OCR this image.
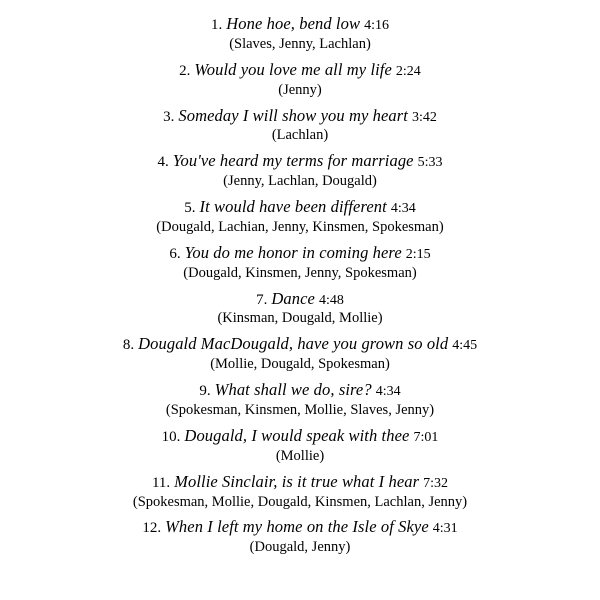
1. Hone hoe, bend low 4:16
(Slaves, Jenny, Lachlan)
2. Would you love me all my life 2:24
(Jenny)
3. Someday I will show you my heart 3:42
(Lachlan)
4. You've heard my terms for marriage 5:33
(Jenny, Lachlan, Dougald)
5. It would have been different 4:34
(Dougald, Lachian, Jenny, Kinsmen, Spokesman)
6. You do me honor in coming here 2:15
(Dougald, Kinsmen, Jenny, Spokesman)
7. Dance 4:48
(Kinsman, Dougald, Mollie)
8. Dougald MacDougald, have you grown so old 4:45
(Mollie, Dougald, Spokesman)
9. What shall we do, sire? 4:34
(Spokesman, Kinsmen, Mollie, Slaves, Jenny)
10. Dougald, I would speak with thee 7:01
(Mollie)
11. Mollie Sinclair, is it true what I hear 7:32
(Spokesman, Mollie, Dougald, Kinsmen, Lachlan, Jenny)
12. When I left my home on the Isle of Skye 4:31
(Dougald, Jenny)
